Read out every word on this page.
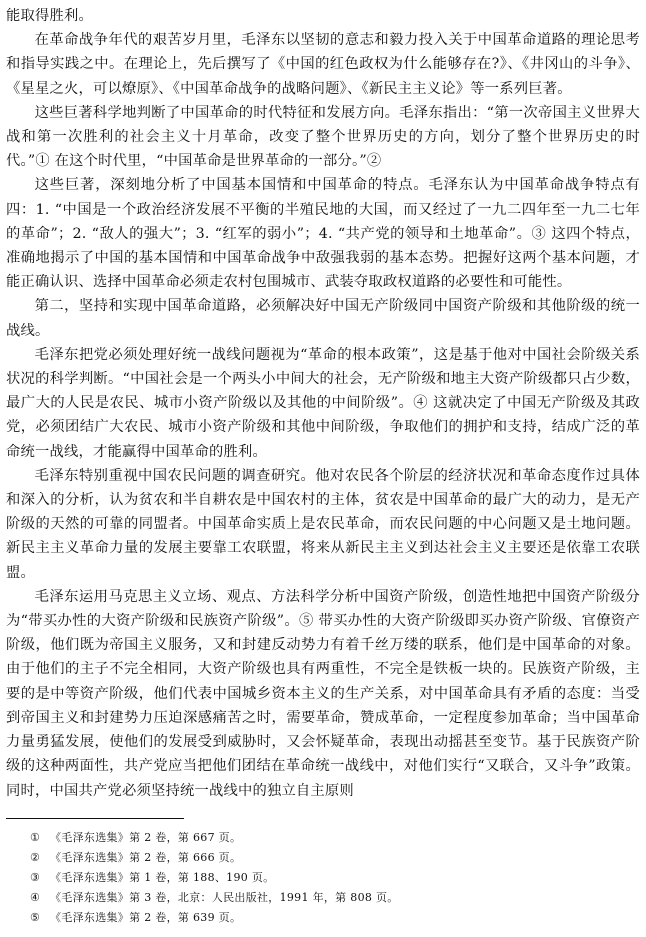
能取得胜利。

在革命战争年代的艰苦岁月里，毛泽东以坚韧的意志和毅力投入关于中国革命道路的理论思考和指导实践之中。在理论上，先后撰写了《中国的红色政权为什么能够存在?》、《井冈山的斗争》、《星星之火，可以燎原》、《中国革命战争的战略问题》、《新民主主义论》等一系列巨著。

这些巨著科学地判断了中国革命的时代特征和发展方向。毛泽东指出：“第一次帝国主义世界大战和第一次胜利的社会主义十月革命，改变了整个世界历史的方向，划分了整个世界历史的时代。”① 在这个时代里，“中国革命是世界革命的一部分。”②

这些巨著，深刻地分析了中国基本国情和中国革命的特点。毛泽东认为中国革命战争特点有四：1. “中国是一个政治经济发展不平衡的半殖民地的大国，而又经过了一九二四年至一九二七年的革命”；2. “敌人的强大”；3. “红军的弱小”；4. “共产党的领导和土地革命”。③ 这四个特点，准确地揭示了中国的基本国情和中国革命战争中敌强我弱的基本态势。把握好这两个基本问题，才能正确认识、选择中国革命必须走农村包围城市、武装夺取政权道路的必要性和可能性。

第二，坚持和实现中国革命道路，必须解决好中国无产阶级同中国资产阶级和其他阶级的统一战线。

毛泽东把党必须处理好统一战线问题视为“革命的根本政策”，这是基于他对中国社会阶级关系状况的科学判断。“中国社会是一个两头小中间大的社会，无产阶级和地主大资产阶级都只占少数，最广大的人民是农民、城市小资产阶级以及其他的中间阶级”。④ 这就决定了中国无产阶级及其政党，必须团结广大农民、城市小资产阶级和其他中间阶级，争取他们的拥护和支持，结成广泛的革命统一战线，才能赢得中国革命的胜利。

毛泽东特别重视中国农民问题的调查研究。他对农民各个阶层的经济状况和革命态度作过具体和深入的分析，认为贫农和半自耕农是中国农村的主体，贫农是中国革命的最广大的动力，是无产阶级的天然的可靠的同盟者。中国革命实质上是农民革命，而农民问题的中心问题又是土地问题。新民主主义革命力量的发展主要靠工农联盟，将来从新民主主义到达社会主义主要还是依靠工农联盟。

毛泽东运用马克思主义立场、观点、方法科学分析中国资产阶级，创造性地把中国资产阶级分为“带买办性的大资产阶级和民族资产阶级”。⑤ 带买办性的大资产阶级即买办资产阶级、官僚资产阶级，他们既为帝国主义服务，又和封建反动势力有着千丝万缕的联系，他们是中国革命的对象。由于他们的主子不完全相同，大资产阶级也具有两重性，不完全是铁板一块的。民族资产阶级，主要的是中等资产阶级，他们代表中国城乡资本主义的生产关系，对中国革命具有矛盾的态度：当受到帝国主义和封建势力压迫深感痛苦之时，需要革命，赞成革命，一定程度参加革命；当中国革命力量勇猛发展，使他们的发展受到威胁时，又会怀疑革命，表现出动摇甚至变节。基于民族资产阶级的这种两面性，共产党应当把他们团结在革命统一战线中，对他们实行“又联合，又斗争”政策。同时，中国共产党必须坚持统一战线中的独立自主原则

① 《毛泽东选集》第 2 卷，第 667 页。
② 《毛泽东选集》第 2 卷，第 666 页。
③ 《毛泽东选集》第 1 卷，第 188、190 页。
④ 《毛泽东选集》第 3 卷，北京：人民出版社，1991 年，第 808 页。
⑤ 《毛泽东选集》第 2 卷，第 639 页。
